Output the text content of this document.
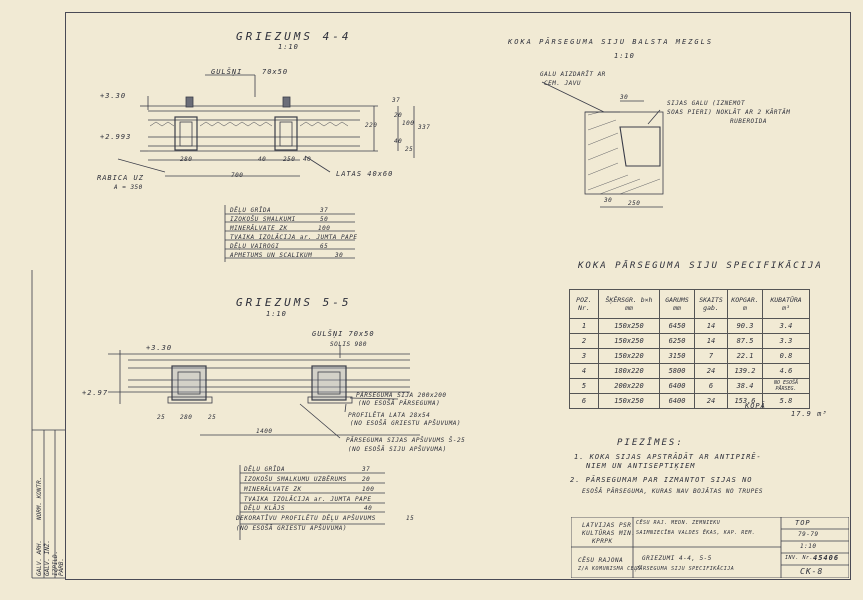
GRIEZUMS 4-4
1:10
GULŠŅI	70x50
+3.30
+2.993
RABICA UZ
A = 350
LATAS 40x60
280	40	250 40
700
37
20
100
40
220
25
337
DĒĻU GRĪDA	37
IZOKOŠU SMALKUMI	50
MINERĀLVATE ZK	100
TVAIKA IZOLĀCIJA ar. JUMTA PAPE
DĒĻU VAIROGI	65
APMETUMS UN SCALIKUM	30
GRIEZUMS 5-5
1:10
GULŠŅI 70x50
SOLIS 980
+3.30
+2.97
1400
25 280	25
PĀRSEGUMA SIJA 200x200
(NO ESOŠĀ PĀRSEGUMA)
PROFILĒTA LATA 28x54
(NO ESOŠĀ GRIESTU APŠUVUMA)
PĀRSEGUMA SIJAS APŠUVUMS Š-25
(NO ESOŠĀ SIJU APŠUVUMA)
DĒĻU GRĪDA	37
IZOKOŠU SMALKUMU UZBĒRUMS	20
MINERĀLVATE ZK	100
TVAIKA IZOLĀCIJA ar. JUMTA PAPE
DĒĻU KLĀJS	40
DEKORATĪVU PROFILĒTU DĒĻU APŠUVUMS	15
(NO ESOŠĀ GRIESTU APŠUVUMA)
KOKA PĀRSEGUMA SIJU BALSTA MEZGLS
1:10
GALU AIZDARĪT AR
CEM. JAVU
SIJAS GALU (IZNEMOT
SOAS PIERI) NOKLĀT AR 2 KĀRTĀM
RUBEROIDA
30
250
30
KOKA PĀRSEGUMA SIJU SPECIFIKĀCIJA
POZ. Nr.	ŠĶĒRSGR. b×h mm	GARUMS mm	SKAITS gab.	KOPGAR. m	KUBATŪRA m³
1	150x250	6450	14	90.3	3.4
2	150x250	6250	14	87.5	3.3
3	150x220	3150	7	22.1	0.8
4	180x220	5800	24	139.2	4.6
5	200x220	6400	6	38.4	NO ESOŠĀ PĀRSEG.
6	150x250	6400	24	153.6	5.8
KOPĀ
17.9 m³
PIEZĪMES:
1. KOKA SIJAS APSTRĀDĀT AR ANTIPIRĒ-
NIEM UN ANTISEPTIĶIEM
2. PĀRSEGUMAM PAR IZMANTOT SIJAS NO
ESOŠĀ PĀRSEGUMA, KURAS NAV BOJĀTAS NO TRUPES
LATVIJAS PSR
KULTŪRAS MIN.
KPRPK
CĒSU RAJ. MEDN. ZEMNIEKU
SAIMNIECĪBA VALDES ĒKAS, KAP. REM.
CĒSU RAJONA
Z/A KOMUNISMA CEĻŠ
GRIEZUMI 4-4, 5-5
PĀRSEGUMA SIJU SPECIFIKĀCIJA
TOP
79-79
1:10
INV. Nr. 45406
CK-8
GALV. ARH. GALV. INŽ. IZPILD. PĀRB.
NORM. KONTR.
